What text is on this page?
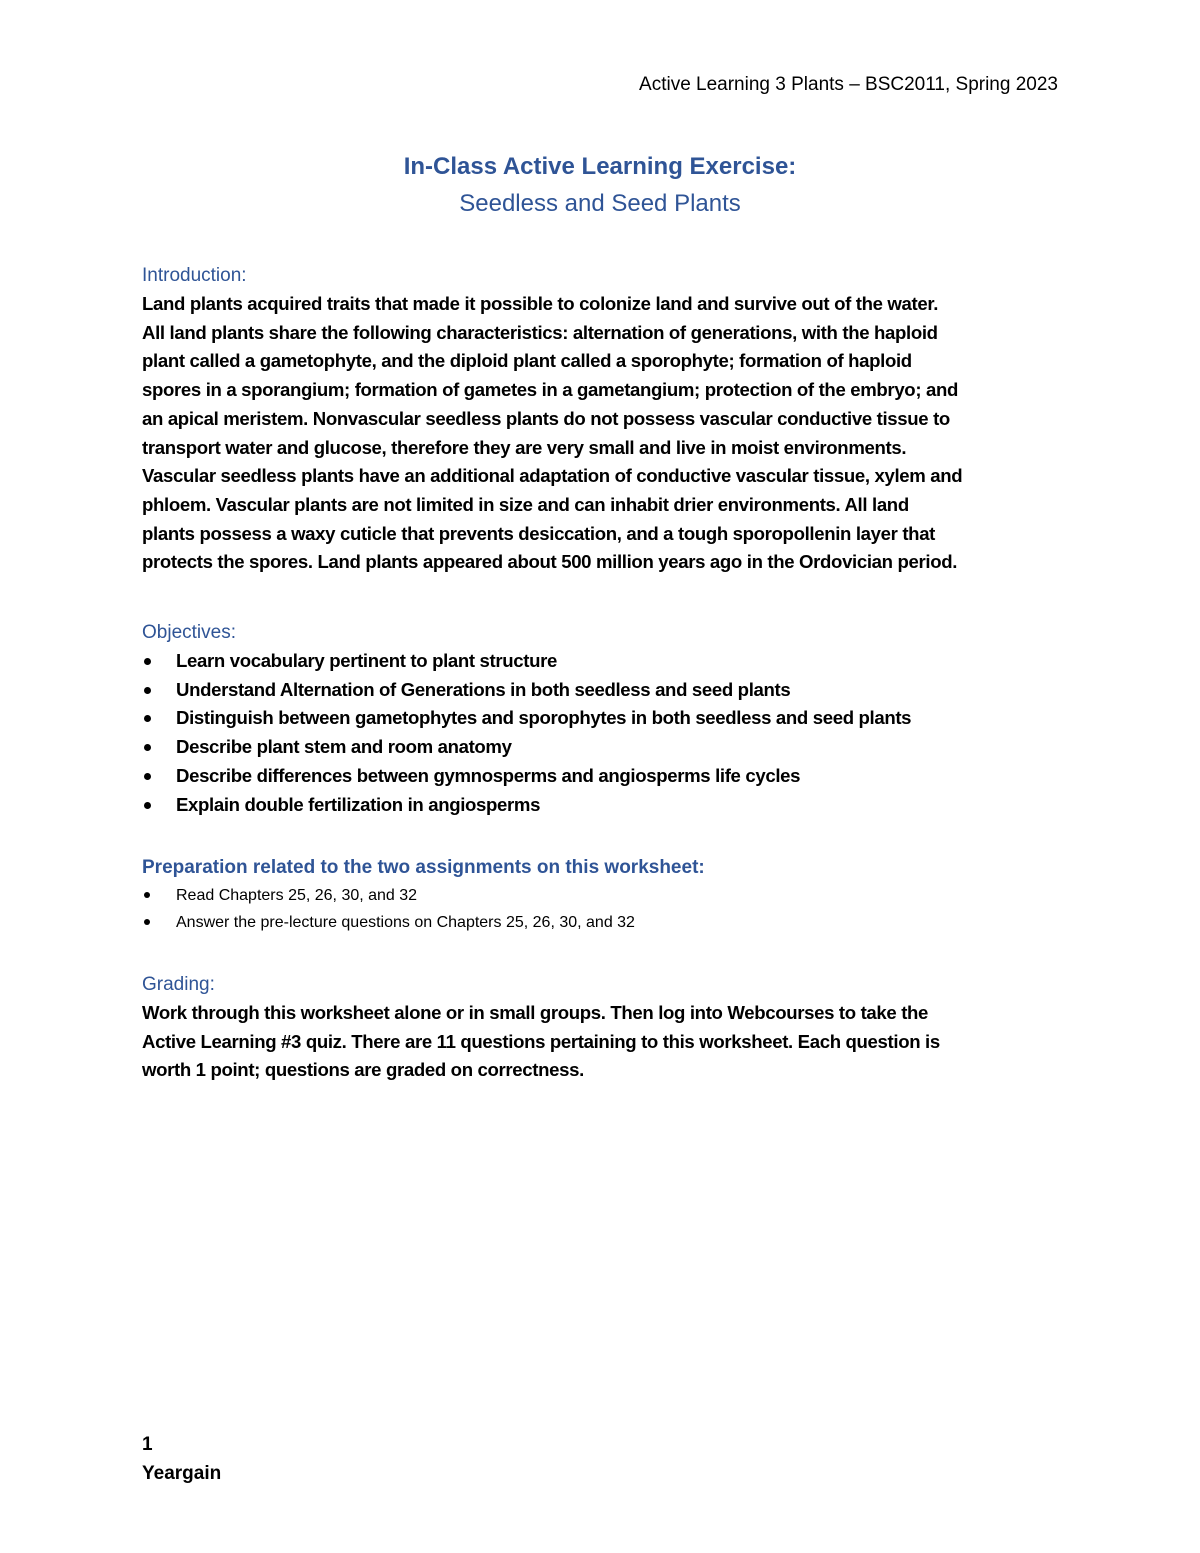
Active Learning 3 Plants – BSC2011, Spring 2023
In-Class Active Learning Exercise:
Seedless and Seed Plants
Introduction:
Land plants acquired traits that made it possible to colonize land and survive out of the water.
All land plants share the following characteristics: alternation of generations, with the haploid
plant called a gametophyte, and the diploid plant called a sporophyte; formation of haploid
spores in a sporangium; formation of gametes in a gametangium; protection of the embryo; and
an apical meristem. Nonvascular seedless plants do not possess vascular conductive tissue to
transport water and glucose, therefore they are very small and live in moist environments.
Vascular seedless plants have an additional adaptation of conductive vascular tissue, xylem and
phloem. Vascular plants are not limited in size and can inhabit drier environments. All land
plants possess a waxy cuticle that prevents desiccation, and a tough sporopollenin layer that
protects the spores. Land plants appeared about 500 million years ago in the Ordovician period.
Objectives:
Learn vocabulary pertinent to plant structure
Understand Alternation of Generations in both seedless and seed plants
Distinguish between gametophytes and sporophytes in both seedless and seed plants
Describe plant stem and room anatomy
Describe differences between gymnosperms and angiosperms life cycles
Explain double fertilization in angiosperms
Preparation related to the two assignments on this worksheet:
Read Chapters 25, 26, 30, and 32
Answer the pre-lecture questions on Chapters 25, 26, 30, and 32
Grading:
Work through this worksheet alone or in small groups. Then log into Webcourses to take the
Active Learning #3 quiz. There are 11 questions pertaining to this worksheet. Each question is
worth 1 point; questions are graded on correctness.
1
Yeargain
